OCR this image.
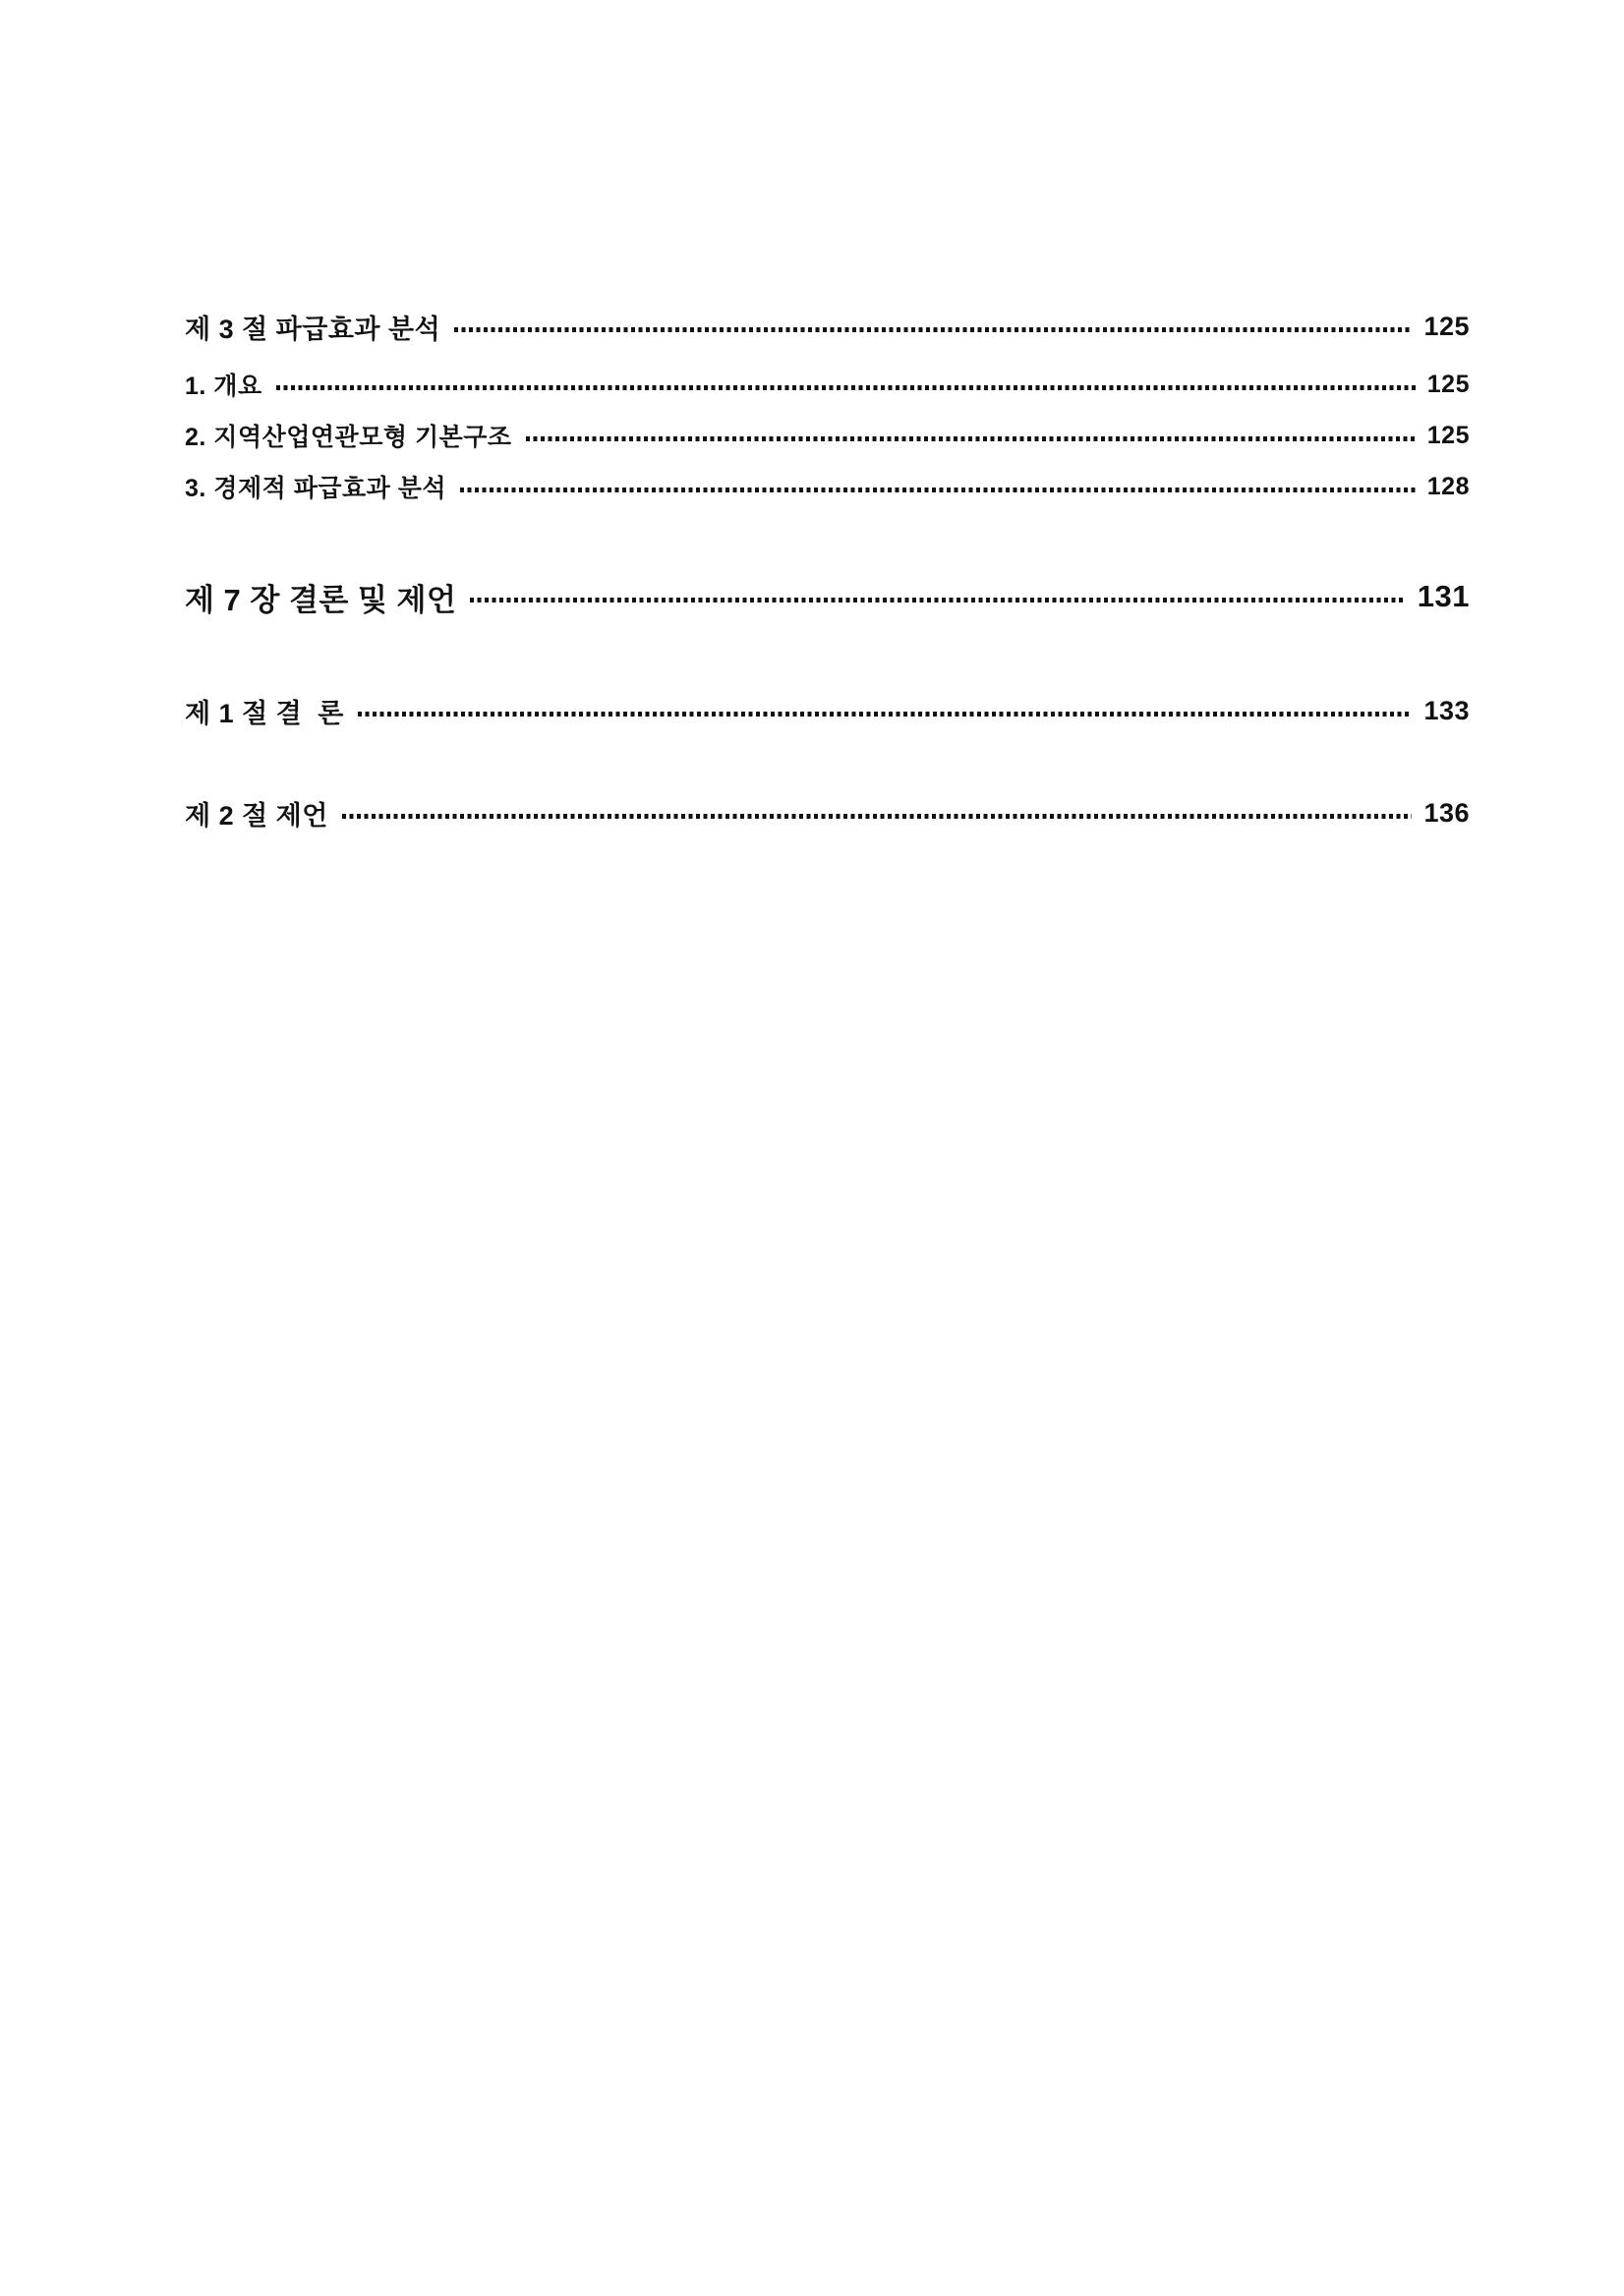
제 3 절 파급효과 분석	125
1. 개요	125
2. 지역산업연관모형 기본구조	125
3. 경제적 파급효과 분석	128
제 7 장 결론 및 제언	131
제 1 절 결  론	133
제 2 절 제언	136
